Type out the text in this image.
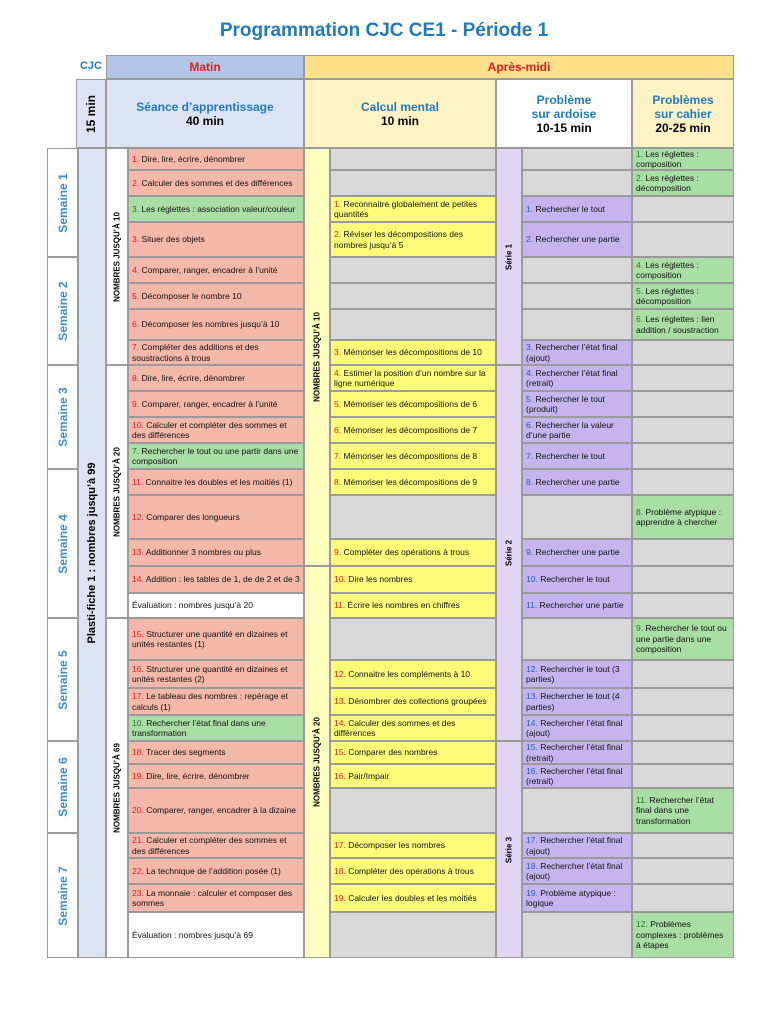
Programmation CJC CE1 - Période 1
CJC	Matin	Après-midi
Séance d’apprentissage
40 min
Calcul mental
10 min
Problème
sur ardoise
10-15 min
Problèmes
sur cahier
20-25 min
15 min
Semaine 1
Semaine 2
Semaine 3
Semaine 4
Semaine 5
Semaine 6
Semaine 7
Plasti-fiche 1 : nombres jusqu’à 99
NOMBRES JUSQU’À 10
NOMBRES JUSQU’À 20
NOMBRES JUSQU’À 69
NOMBRES JUSQU’À 10
NOMBRES JUSQU’À 20
Série 1
Série 2
Série 3
1. Dire, lire, écrire, dénombrer
2. Calculer des sommes et des différences
3. Les réglettes : association valeur/couleur
3. Situer des objets
4. Comparer, ranger, encadrer à l’unité
5. Décomposer le nombre 10
6. Décomposer les nombres jusqu’à 10
7. Compléter des additions et des soustractions à trous
8. Dire, lire, écrire, dénombrer
9. Comparer, ranger, encadrer à l’unité
10. Calculer et compléter des sommes et des différences
7. Rechercher le tout ou une partir dans une composition
11. Connaitre les doubles et les moitiés (1)
12. Comparer des longueurs
13. Additionner 3 nombres ou plus
14. Addition : les tables de 1, de de 2 et de 3
Évaluation : nombres jusqu’à 20
15. Structurer une quantité en dizaines et unités restantes (1)
16. Structurer une quantité en dizaines et unités restantes (2)
17. Le tableau des nombres : repérage et calculs (1)
10. Rechercher l’état final dans une transformation
18. Tracer des segments
19. Dire, lire, écrire, dénombrer
20. Comparer, ranger, encadrer à la dizaine
21. Calculer et compléter des sommes et des différences
22. La technique de l’addition posée (1)
23. La monnaie : calculer et composer des sommes
Évaluation : nombres jusqu’à 69
1. Reconnaitre globalement de petites quantités
2. Réviser les décompositions des nombres jusqu’à 5
3. Mémoriser les décompositions de 10
4. Estimer la position d’un nombre sur la ligne numérique
5. Mémoriser les décompositions de 6
6. Mémoriser les décompositions de 7
7. Mémoriser les décompositions de 8
8. Mémoriser les décompositions de 9
9. Compléter des opérations à trous
10. Dire les nombres
11. Écrire les nombres en chiffres
12. Connaitre les compléments à 10
13. Dénombrer des collections groupées
14. Calculer des sommes et des différences
15. Comparer des nombres
16. Pair/Impair
17. Décomposer les nombres
18. Compléter des opérations à trous
19. Calculer les doubles et les moitiés
1. Rechercher le tout
2. Rechercher une partie
3. Rechercher l’état final (ajout)
4. Rechercher l’état final (retrait)
5. Rechercher le tout (produit)
6. Rechercher la valeur d’une partie
7. Rechercher le tout
8. Rechercher une partie
9. Rechercher une partie
10. Rechercher le tout
11. Rechercher une partie
12. Rechercher le tout (3 parties)
13. Rechercher le tout (4 parties)
14. Rechercher l’état final (ajout)
15. Rechercher l’état final (retrait)
16. Rechercher l’état final (retrait)
17. Rechercher l’état final (ajout)
18. Rechercher l’état final (ajout)
19. Problème atypique : logique
1. Les réglettes : composition
2. Les réglettes : décomposition
4. Les réglettes : composition
5. Les réglettes : décomposition
6. Les réglettes : lien addition / soustraction
8. Problème atypique : apprendre à chercher
9. Rechercher le tout ou une partie dans une composition
11. Rechercher l’état final dans une transformation
12. Problèmes complexes : problèmes à étapes
